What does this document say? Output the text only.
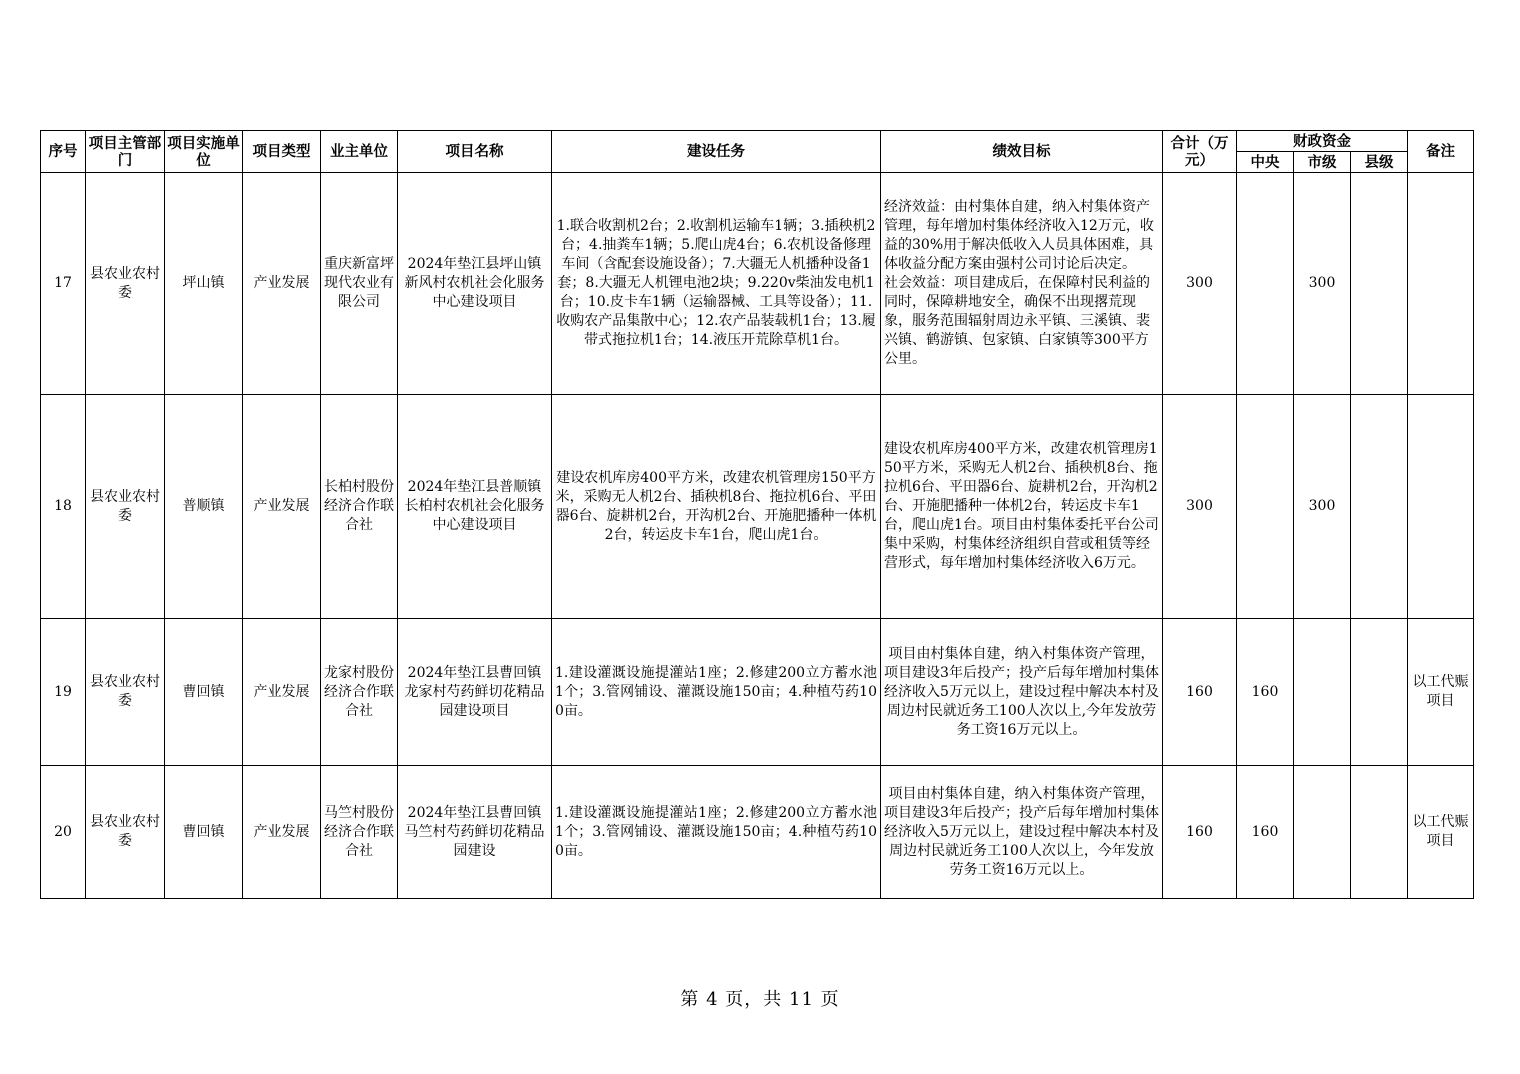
序号	项目主管部门	项目实施单位	项目类型	业主单位	项目名称	建设任务	绩效目标	合计（万元）	财政资金			备注
									中央	市级	县级	
17	县农业农村委	坪山镇	产业发展	重庆新富坪现代农业有限公司	2024年垫江县坪山镇新风村农机社会化服务中心建设项目	1.联合收割机2台；2.收割机运输车1辆；3.插秧机2台；4.抽粪车1辆；5.爬山虎4台；6.农机设备修理车间（含配套设施设备）；7.大疆无人机播种设备1套；8.大疆无人机锂电池2块；9.220v柴油发电机1台；10.皮卡车1辆（运输器械、工具等设备）；11.收购农产品集散中心；12.农产品装载机1台；13.履带式拖拉机1台；14.液压开荒除草机1台。	经济效益：由村集体自建，纳入村集体资产管理，每年增加村集体经济收入12万元，收益的30%用于解决低收入人员具体困难，具体收益分配方案由强村公司讨论后决定。
社会效益：项目建成后，在保障村民利益的同时，保障耕地安全，确保不出现撂荒现象，服务范围辐射周边永平镇、三溪镇、裴兴镇、鹤游镇、包家镇、白家镇等300平方公里。	300		300		
18	县农业农村委	普顺镇	产业发展	长柏村股份经济合作联合社	2024年垫江县普顺镇长柏村农机社会化服务中心建设项目	建设农机库房400平方米，改建农机管理房150平方米，采购无人机2台、插秧机8台、拖拉机6台、平田器6台、旋耕机2台，开沟机2台、开施肥播种一体机2台，转运皮卡车1台，爬山虎1台。	建设农机库房400平方米，改建农机管理房150平方米，采购无人机2台、插秧机8台、拖拉机6台、平田器6台、旋耕机2台，开沟机2台、开施肥播种一体机2台，转运皮卡车1台，爬山虎1台。项目由村集体委托平台公司集中采购，村集体经济组织自营或租赁等经营形式，每年增加村集体经济收入6万元。	300		300		
19	县农业农村委	曹回镇	产业发展	龙家村股份经济合作联合社	2024年垫江县曹回镇龙家村芍药鲜切花精品园建设项目	1.建设灌溉设施提灌站1座；2.修建200立方蓄水池1个；3.管网铺设、灌溉设施150亩；4.种植芍药100亩。	项目由村集体自建，纳入村集体资产管理，项目建设3年后投产；投产后每年增加村集体经济收入5万元以上，建设过程中解决本村及周边村民就近务工100人次以上,今年发放劳务工资16万元以上。	160	160			以工代赈项目
20	县农业农村委	曹回镇	产业发展	马竺村股份经济合作联合社	2024年垫江县曹回镇马竺村芍药鲜切花精品园建设	1.建设灌溉设施提灌站1座；2.修建200立方蓄水池1个；3.管网铺设、灌溉设施150亩；4.种植芍药100亩。	项目由村集体自建，纳入村集体资产管理，项目建设3年后投产；投产后每年增加村集体经济收入5万元以上，建设过程中解决本村及周边村民就近务工100人次以上，今年发放劳务工资16万元以上。	160	160			以工代赈项目
第 4 页，共 11 页
